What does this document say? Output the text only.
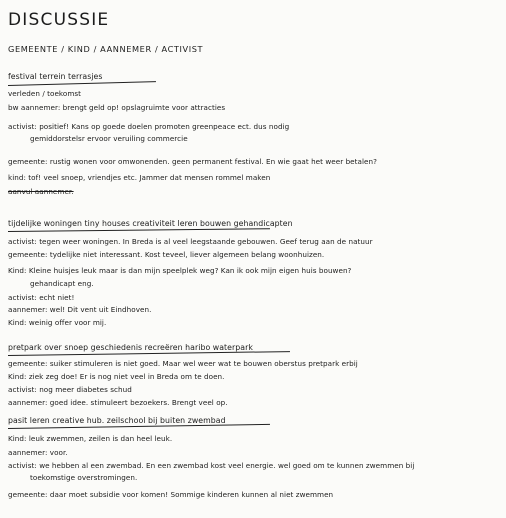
DISCUSSIE
GEMEENTE / KIND / AANNEMER / ACTIVIST
festival terrein terrasjes
verleden / toekomst
bw aannemer: brengt geld op! opslagruimte voor attracties
activist: positief! Kans op goede doelen promoten greenpeace ect. dus nodig
gemiddorstelsr ervoor veruiling commercie
gemeente: rustig wonen voor omwonenden. geen permanent festival. En wie gaat het weer betalen?
kind: tof! veel snoep, vriendjes etc. Jammer dat mensen rommel maken
aanvul aannemer.
tijdelijke woningen tiny houses creativiteit leren bouwen gehandicapten
activist: tegen weer woningen. In Breda is al veel leegstaande gebouwen. Geef terug aan de natuur
gemeente: tydelijke niet interessant. Kost teveel, liever algemeen belang woonhuizen.
Kind: Kleine huisjes leuk maar is dan mijn speelplek weg? Kan ik ook mijn eigen huis bouwen?
gehandicapt eng.
activist: echt niet!
aannemer: wel! Dit vent uit Eindhoven.
Kind: weinig offer voor mij.
pretpark over snoep geschiedenis recreëren haribo waterpark
gemeente: suiker stimuleren is niet goed. Maar wel weer wat te bouwen oberstus pretpark erbij
Kind: ziek zeg doe! Er is nog niet veel in Breda om te doen.
activist: nog meer diabetes schud
aannemer: goed idee. stimuleert bezoekers. Brengt veel op.
pasit leren creative hub. zeilschool bij buiten zwembad
Kind: leuk zwemmen, zeilen is dan heel leuk.
aannemer: voor.
activist: we hebben al een zwembad. En een zwembad kost veel energie. wel goed om te kunnen zwemmen bij
toekomstige overstromingen.
gemeente: daar moet subsidie voor komen! Sommige kinderen kunnen al niet zwemmen
